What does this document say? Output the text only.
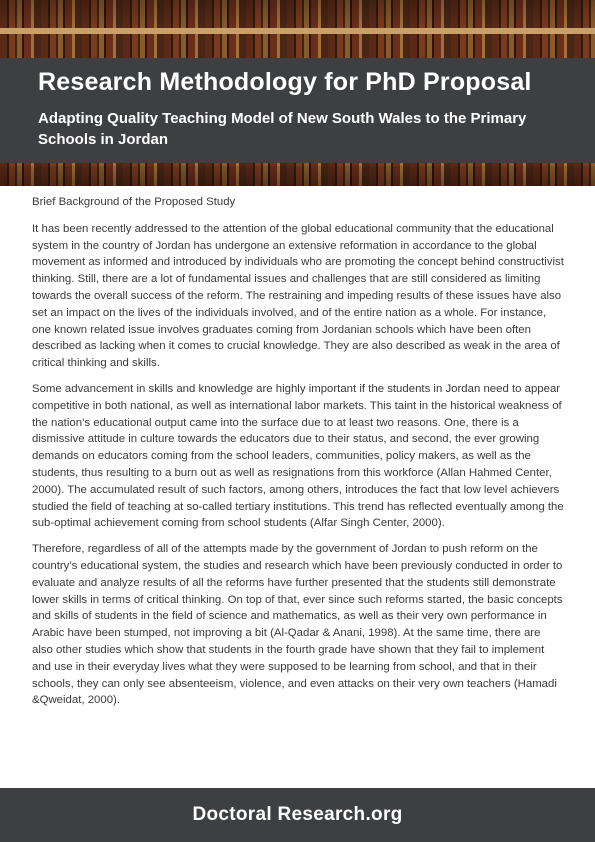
Research Methodology for PhD Proposal
Adapting Quality Teaching Model of New South Wales to the Primary Schools in Jordan

Brief Background of the Proposed Study

It has been recently addressed to the attention of the global educational community that the educational system in the country of Jordan has undergone an extensive reformation in accordance to the global movement as informed and introduced by individuals who are promoting the concept behind constructivist thinking. Still, there are a lot of fundamental issues and challenges that are still considered as limiting towards the overall success of the reform. The restraining and impeding results of these issues have also set an impact on the lives of the individuals involved, and of the entire nation as a whole. For instance, one known related issue involves graduates coming from Jordanian schools which have been often described as lacking when it comes to crucial knowledge. They are also described as weak in the area of critical thinking and skills.

Some advancement in skills and knowledge are highly important if the students in Jordan need to appear competitive in both national, as well as international labor markets. This taint in the historical weakness of the nation’s educational output came into the surface due to at least two reasons. One, there is a dismissive attitude in culture towards the educators due to their status, and second, the ever growing demands on educators coming from the school leaders, communities, policy makers, as well as the students, thus resulting to a burn out as well as resignations from this workforce (Allan Hahmed Center, 2000). The accumulated result of such factors, among others, introduces the fact that low level achievers studied the field of teaching at so-called tertiary institutions. This trend has reflected eventually among the sub-optimal achievement coming from school students (Alfar Singh Center, 2000).

Therefore, regardless of all of the attempts made by the government of Jordan to push reform on the country’s educational system, the studies and research which have been previously conducted in order to evaluate and analyze results of all the reforms have further presented that the students still demonstrate lower skills in terms of critical thinking. On top of that, ever since such reforms started, the basic concepts and skills of students in the field of science and mathematics, as well as their very own performance in Arabic have been stumped, not improving a bit (Al-Qadar & Anani, 1998). At the same time, there are also other studies which show that students in the fourth grade have shown that they fail to implement and use in their everyday lives what they were supposed to be learning from school, and that in their schools, they can only see absenteeism, violence, and even attacks on their very own teachers (Hamadi &Qweidat, 2000).

Doctoral Research.org
